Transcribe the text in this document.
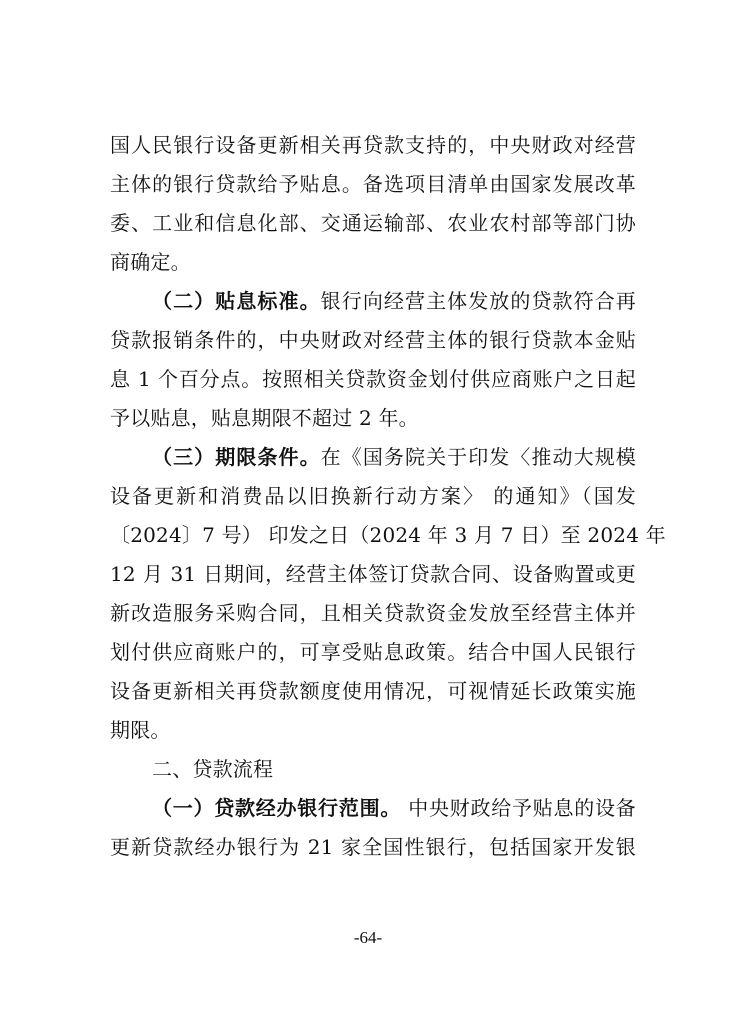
国人民银行设备更新相关再贷款支持的，中央财政对经营
主体的银行贷款给予贴息。备选项目清单由国家发展改革
委、工业和信息化部、交通运输部、农业农村部等部门协
商确定。
（二）贴息标准。银行向经营主体发放的贷款符合再
贷款报销条件的，中央财政对经营主体的银行贷款本金贴
息 1 个百分点。按照相关贷款资金划付供应商账户之日起
予以贴息，贴息期限不超过 2 年。
（三）期限条件。在《国务院关于印发〈推动大规模
设备更新和消费品以旧换新行动方案〉 的通知》（国发
〔2024〕7 号） 印发之日（2024 年 3 月 7 日）至 2024 年
12 月 31 日期间，经营主体签订贷款合同、设备购置或更
新改造服务采购合同，且相关贷款资金发放至经营主体并
划付供应商账户的，可享受贴息政策。结合中国人民银行
设备更新相关再贷款额度使用情况，可视情延长政策实施
期限。
二、贷款流程
（一）贷款经办银行范围。 中央财政给予贴息的设备
更新贷款经办银行为 21 家全国性银行，包括国家开发银
-64-
